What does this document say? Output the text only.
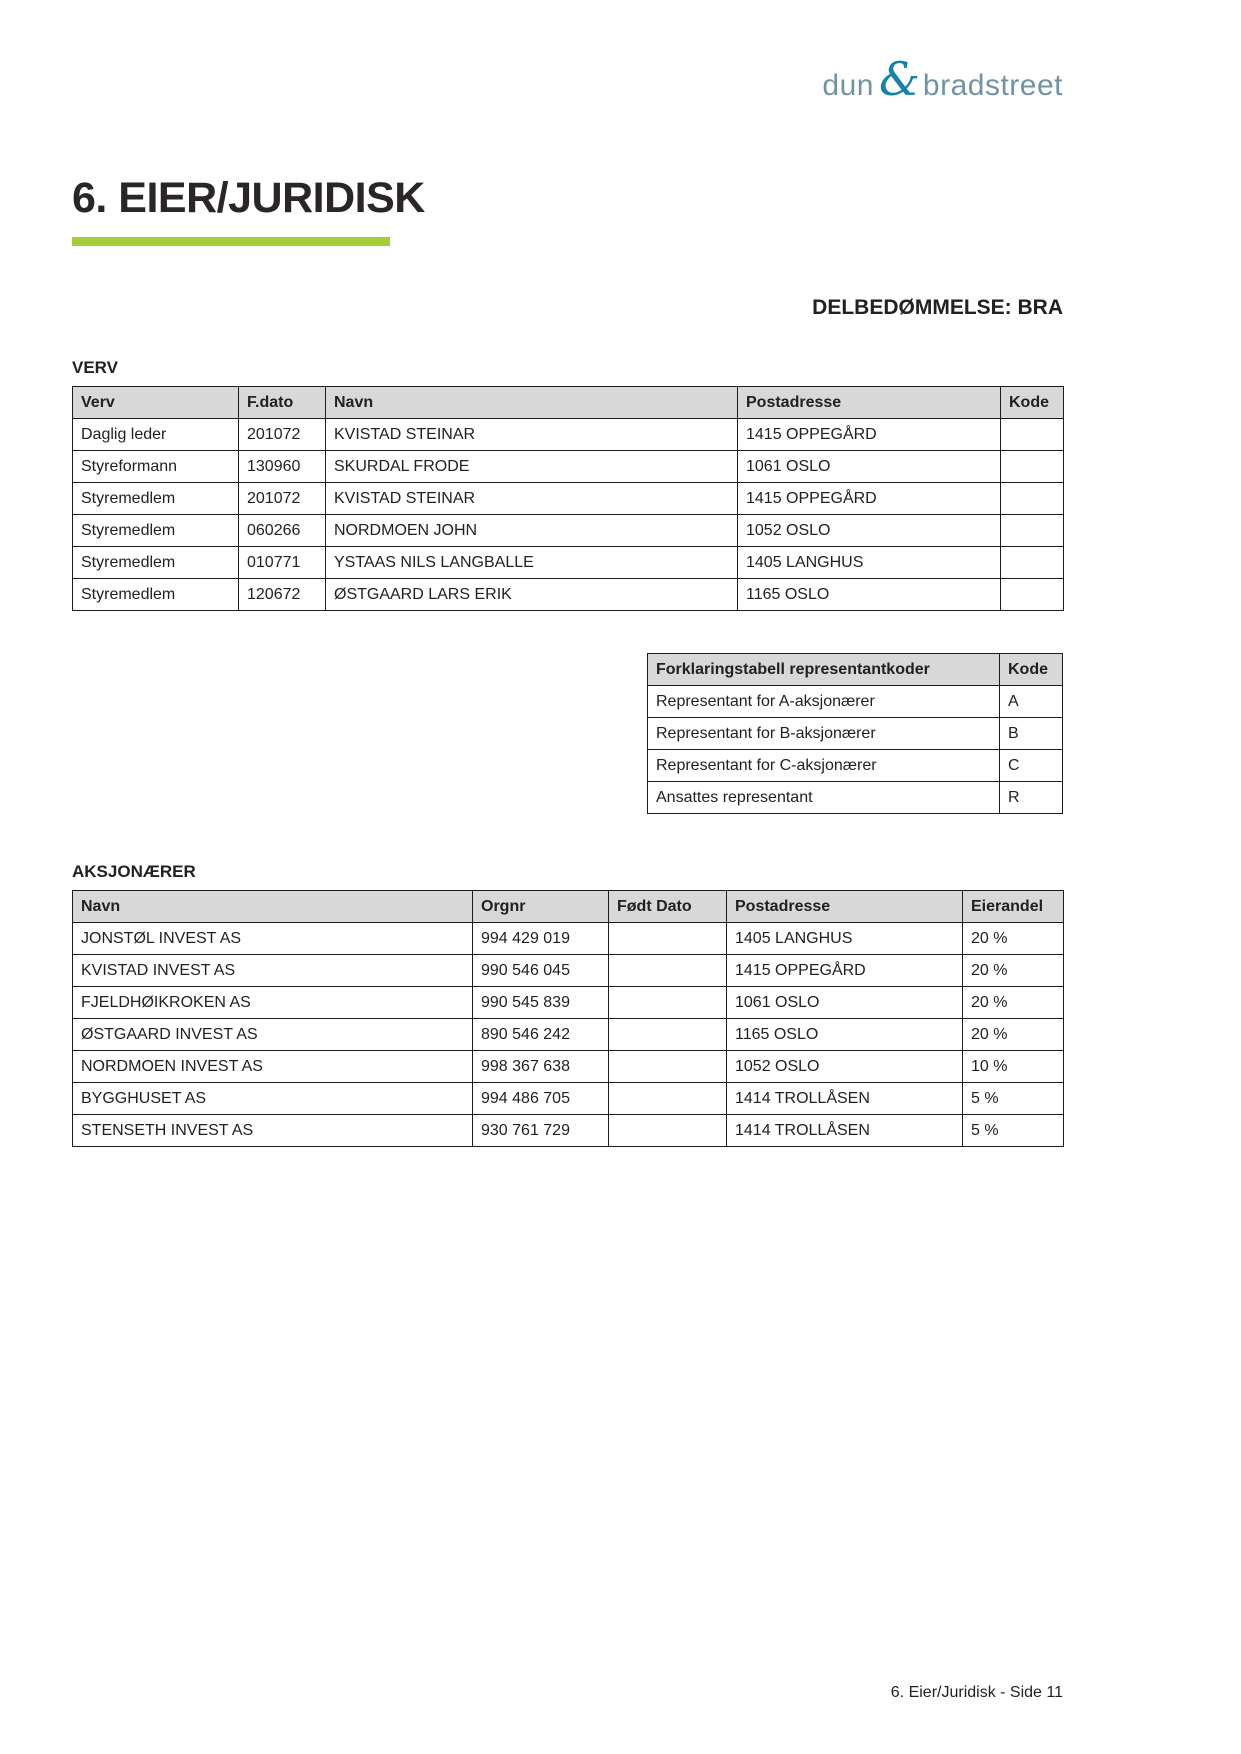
dun & bradstreet
6. EIER/JURIDISK
DELBEDØMMELSE: BRA
VERV
Verv	F.dato	Navn	Postadresse	Kode
Daglig leder	201072	KVISTAD STEINAR	1415 OPPEGÅRD	
Styreformann	130960	SKURDAL FRODE	1061 OSLO	
Styremedlem	201072	KVISTAD STEINAR	1415 OPPEGÅRD	
Styremedlem	060266	NORDMOEN JOHN	1052 OSLO	
Styremedlem	010771	YSTAAS NILS LANGBALLE	1405 LANGHUS	
Styremedlem	120672	ØSTGAARD LARS ERIK	1165 OSLO	
Forklaringstabell representantkoder	Kode
Representant for A-aksjonærer	A
Representant for B-aksjonærer	B
Representant for C-aksjonærer	C
Ansattes representant	R
AKSJONÆRER
Navn	Orgnr	Født Dato	Postadresse	Eierandel
JONSTØL INVEST AS	994 429 019		1405 LANGHUS	20 %
KVISTAD INVEST AS	990 546 045		1415 OPPEGÅRD	20 %
FJELDHØIKROKEN AS	990 545 839		1061 OSLO	20 %
ØSTGAARD INVEST AS	890 546 242		1165 OSLO	20 %
NORDMOEN INVEST AS	998 367 638		1052 OSLO	10 %
BYGGHUSET AS	994 486 705		1414 TROLLÅSEN	5 %
STENSETH INVEST AS	930 761 729		1414 TROLLÅSEN	5 %
6. Eier/Juridisk - Side 11
